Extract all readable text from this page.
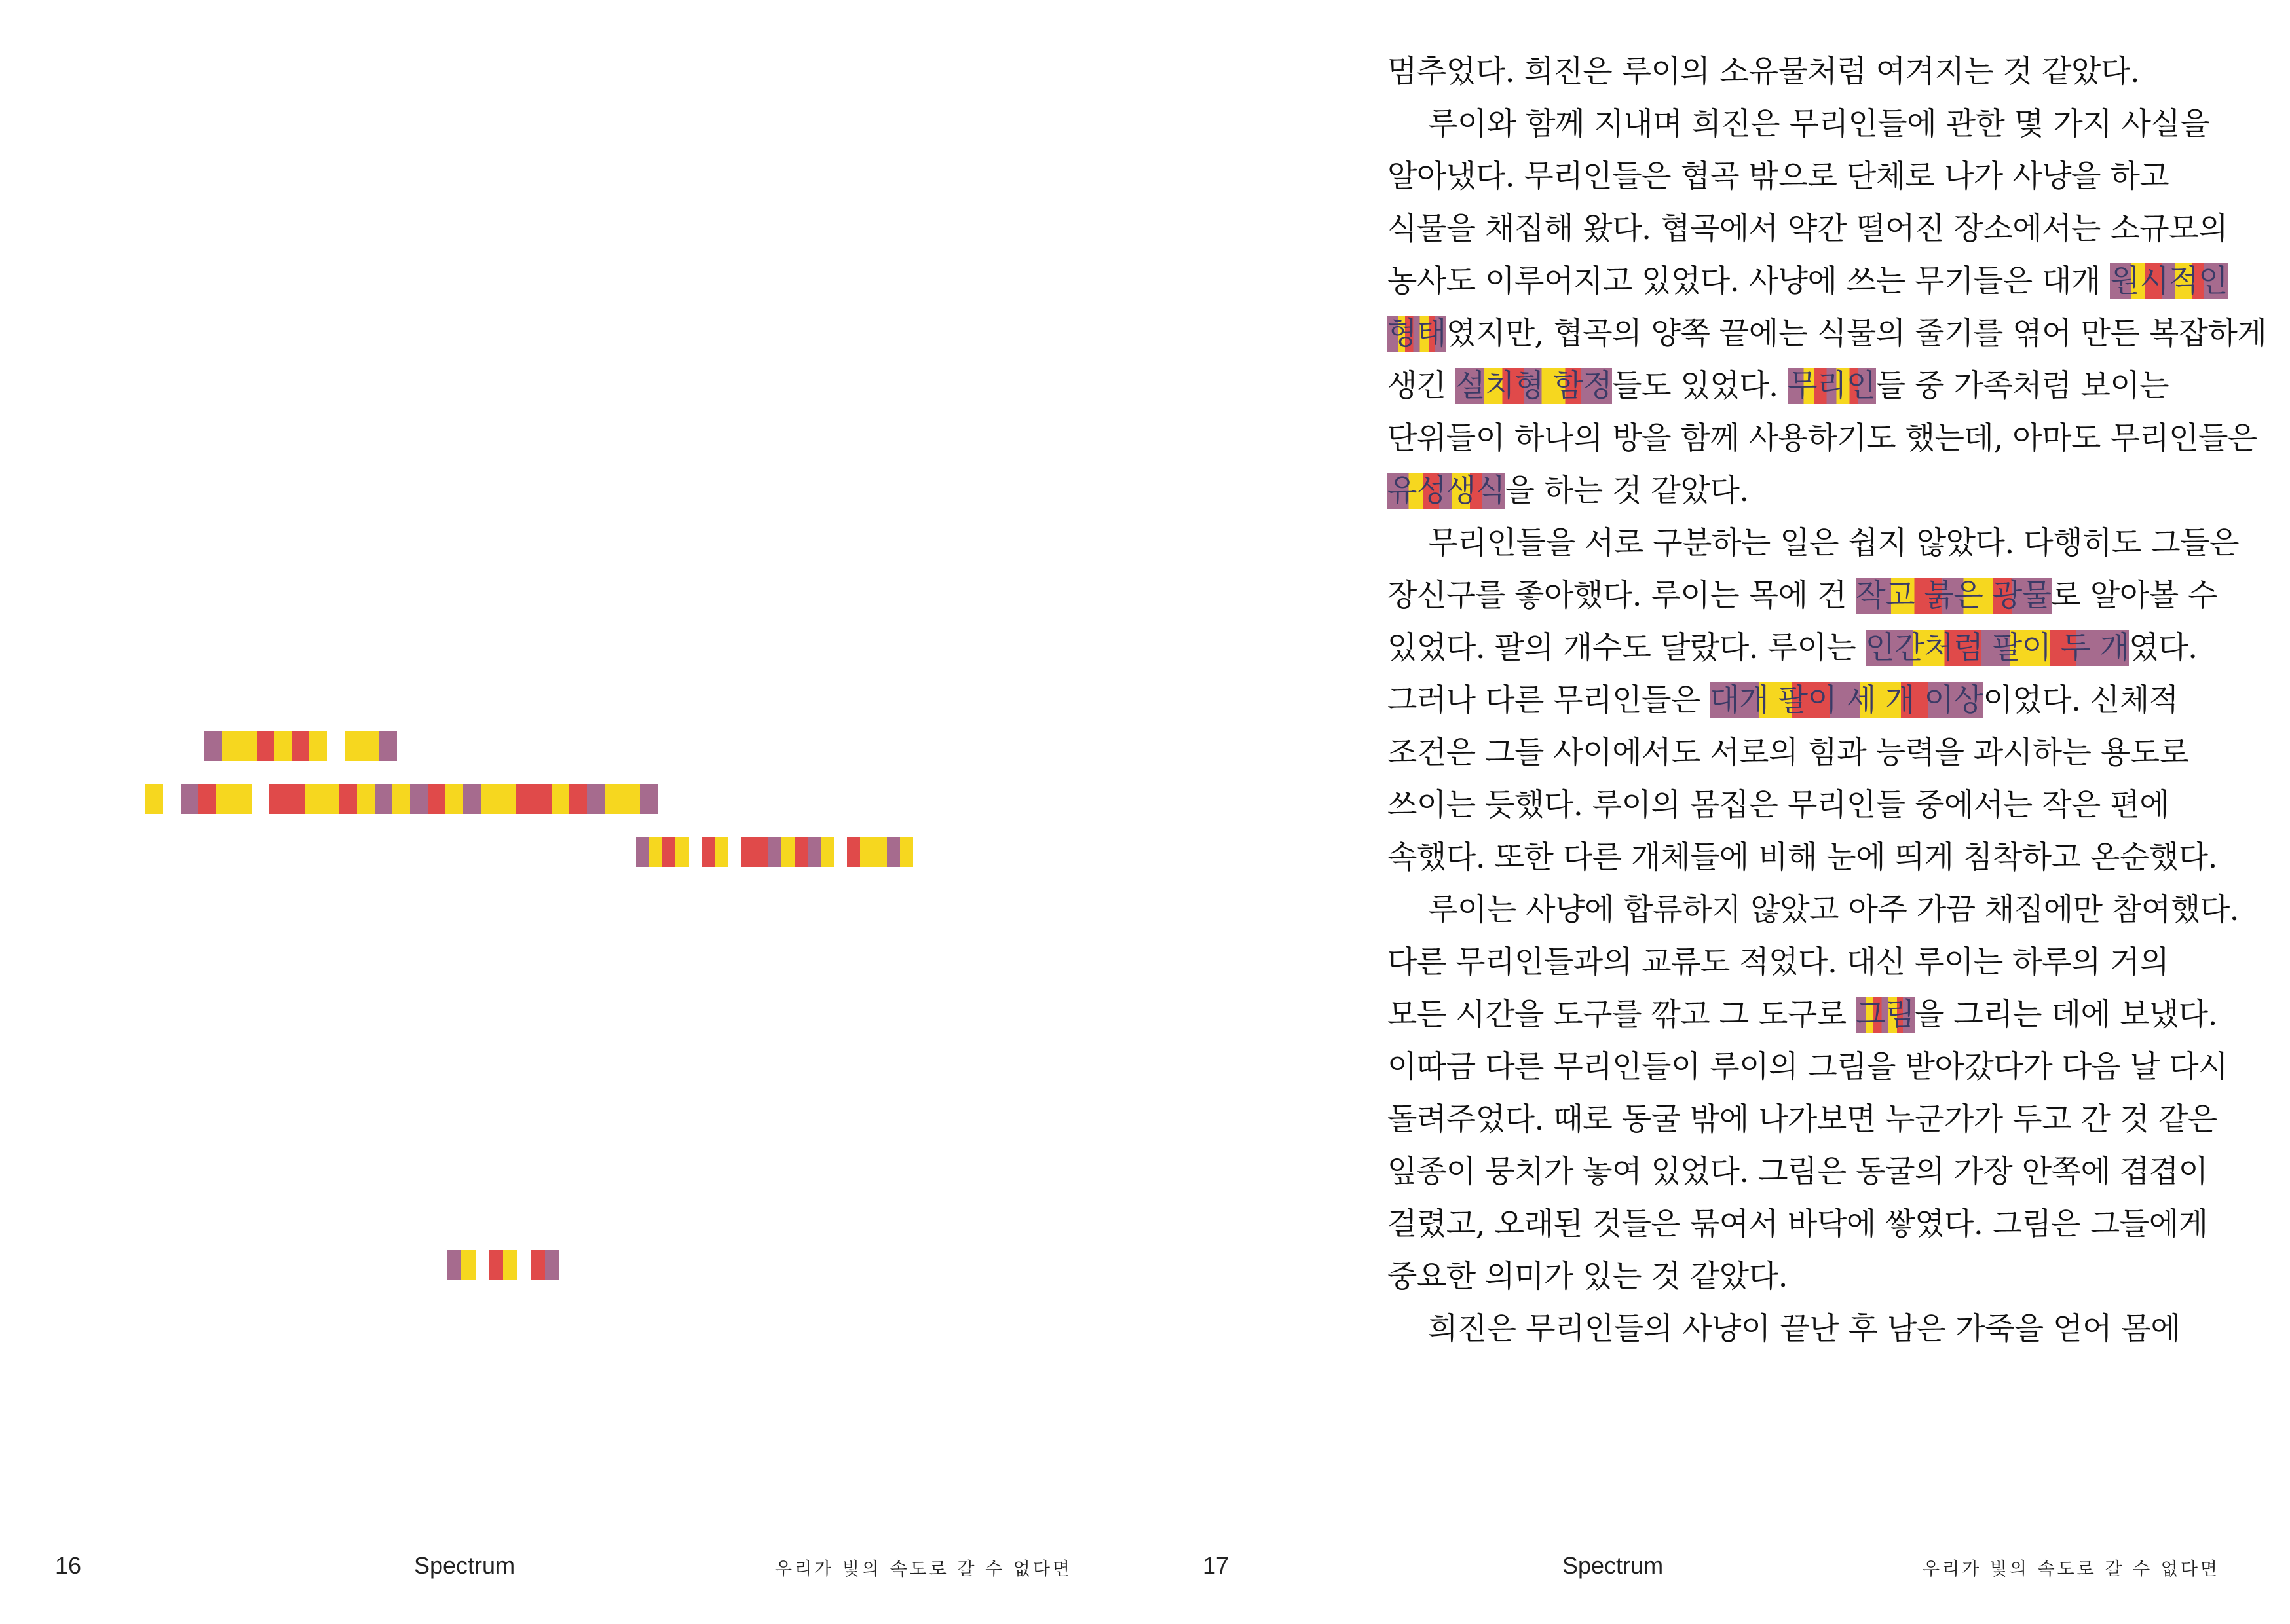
16	Spectrum	우리가 빛의 속도로 갈 수 없다면	17	Spectrum	우리가 빛의 속도로 갈 수 없다면
멈추었다. 희진은 루이의 소유물처럼 여겨지는 것 같았다.
루이와 함께 지내며 희진은 무리인들에 관한 몇 가지 사실을
알아냈다. 무리인들은 협곡 밖으로 단체로 나가 사냥을 하고
식물을 채집해 왔다. 협곡에서 약간 떨어진 장소에서는 소규모의
농사도 이루어지고 있었다. 사냥에 쓰는 무기들은 대개 원시적인
형태였지만, 협곡의 양쪽 끝에는 식물의 줄기를 엮어 만든 복잡하게
생긴 설치형 함정들도 있었다. 무리인들 중 가족처럼 보이는
단위들이 하나의 방을 함께 사용하기도 했는데, 아마도 무리인들은
유성생식을 하는 것 같았다.
무리인들을 서로 구분하는 일은 쉽지 않았다. 다행히도 그들은
장신구를 좋아했다. 루이는 목에 건 작고 붉은 광물로 알아볼 수
있었다. 팔의 개수도 달랐다. 루이는 인간처럼 팔이 두 개였다.
그러나 다른 무리인들은 대개 팔이 세 개 이상이었다. 신체적
조건은 그들 사이에서도 서로의 힘과 능력을 과시하는 용도로
쓰이는 듯했다. 루이의 몸집은 무리인들 중에서는 작은 편에
속했다. 또한 다른 개체들에 비해 눈에 띄게 침착하고 온순했다.
루이는 사냥에 합류하지 않았고 아주 가끔 채집에만 참여했다.
다른 무리인들과의 교류도 적었다. 대신 루이는 하루의 거의
모든 시간을 도구를 깎고 그 도구로 그림을 그리는 데에 보냈다.
이따금 다른 무리인들이 루이의 그림을 받아갔다가 다음 날 다시
돌려주었다. 때로 동굴 밖에 나가보면 누군가가 두고 간 것 같은
잎종이 뭉치가 놓여 있었다. 그림은 동굴의 가장 안쪽에 겹겹이
걸렸고, 오래된 것들은 묶여서 바닥에 쌓였다. 그림은 그들에게
중요한 의미가 있는 것 같았다.
희진은 무리인들의 사냥이 끝난 후 남은 가죽을 얻어 몸에
